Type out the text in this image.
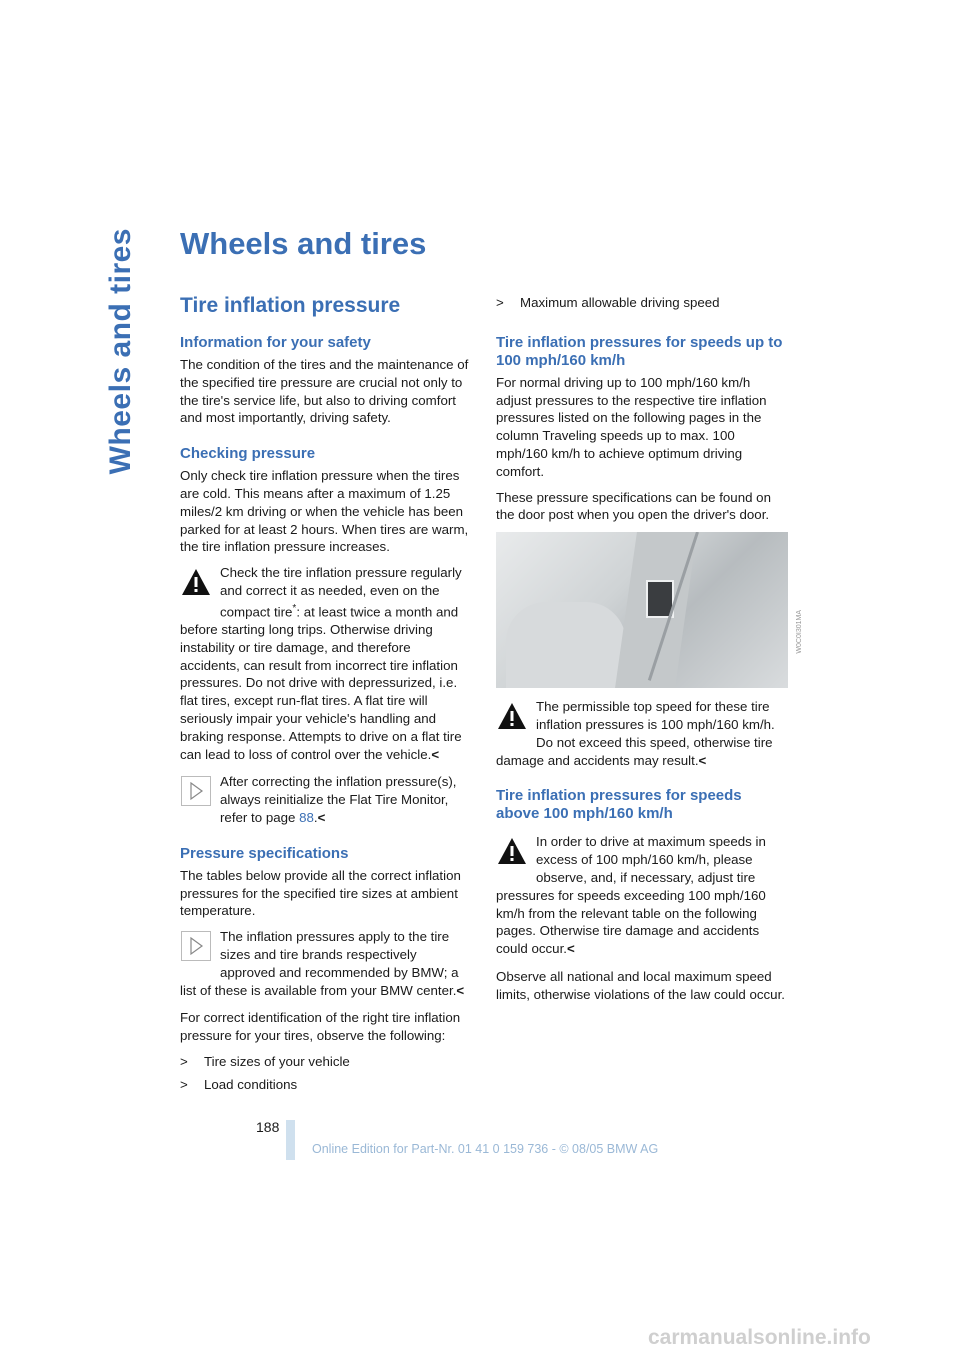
Wheels and tires Wheels and tires
Tire inflation pressure
Information for your safety

The condition of the tires and the maintenance of the specified tire pressure are crucial not only to the tire's service life, but also to driving comfort and most importantly, driving safety.

Checking pressure

Only check tire inflation pressure when the tires are cold. This means after a maximum of 1.25 miles/2 km driving or when the vehicle has been parked for at least 2 hours. When tires are warm, the tire inflation pressure increases.

Check the tire inflation pressure regularly and correct it as needed, even on the compact tire*: at least twice a month and before starting long trips. Otherwise driving instability or tire damage, and therefore accidents, can result from incorrect tire inflation pressures. Do not drive with depressurized, i.e. flat tires, except run-flat tires. A flat tire will seriously impair your vehicle's handling and braking response. Attempts to drive on a flat tire can lead to loss of control over the vehicle.<

After correcting the inflation pressure(s), always reinitialize the Flat Tire Monitor, refer to page 88.<

Pressure specifications

The tables below provide all the correct inflation pressures for the specified tire sizes at ambient temperature.

The inflation pressures apply to the tire sizes and tire brands respectively approved and recommended by BMW; a list of these is available from your BMW center.<

For correct identification of the right tire inflation pressure for your tires, observe the following:

>	Tire sizes of your vehicle
>	Load conditions
>	Maximum allowable driving speed
Tire inflation pressures for speeds up to 100 mph/160 km/h

For normal driving up to 100 mph/160 km/h adjust pressures to the respective tire inflation pressures listed on the following pages in the column Traveling speeds up to max. 100 mph/160 km/h to achieve optimum driving comfort.

These pressure specifications can be found on the door post when you open the driver's door.

The permissible top speed for these tire inflation pressures is 100 mph/160 km/h. Do not exceed this speed, otherwise tire damage and accidents may result.<

Tire inflation pressures for speeds above 100 mph/160 km/h

In order to drive at maximum speeds in excess of 100 mph/160 km/h, please observe, and, if necessary, adjust tire pressures for speeds exceeding 100 mph/160 km/h from the relevant table on the following pages. Otherwise tire damage and accidents could occur.<

Observe all national and local maximum speed limits, otherwise violations of the law could occur.

W0C0I301MA
188
Online Edition for Part-Nr. 01 41 0 159 736 - © 08/05 BMW AG
carmanualsonline.info
